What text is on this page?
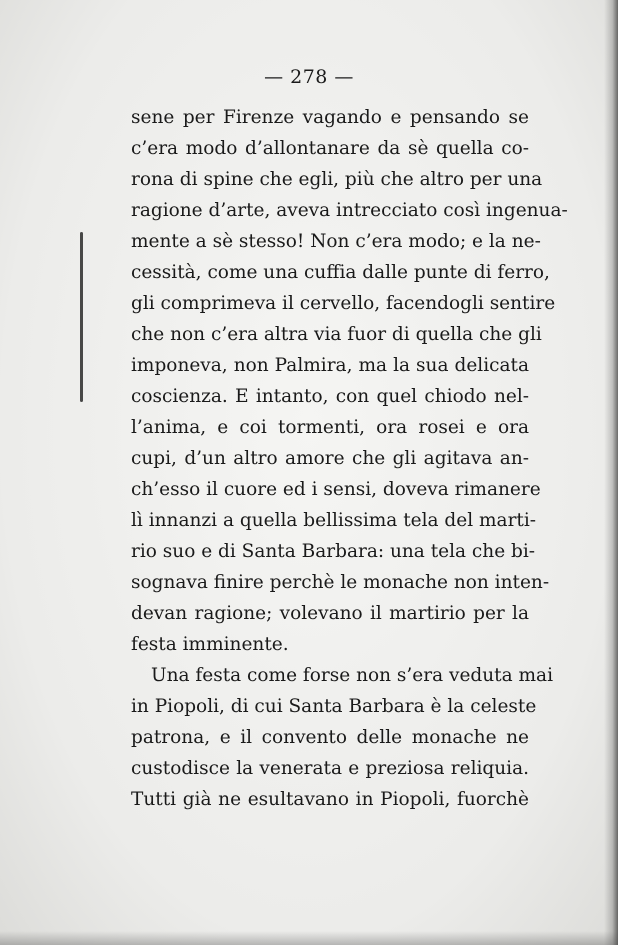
— 278 —
sene per Firenze vagando e pensando se
c’era modo d’allontanare da sè quella co-
rona di spine che egli, più che altro per una
ragione d’arte, aveva intrecciato così ingenua-
mente a sè stesso! Non c’era modo; e la ne-
cessità, come una cuffia dalle punte di ferro,
gli comprimeva il cervello, facendogli sentire
che non c’era altra via fuor di quella che gli
imponeva, non Palmira, ma la sua delicata
coscienza. E intanto, con quel chiodo nel-
l’anima, e coi tormenti, ora rosei e ora
cupi, d’un altro amore che gli agitava an-
ch’esso il cuore ed i sensi, doveva rimanere
lì innanzi a quella bellissima tela del marti-
rio suo e di Santa Barbara: una tela che bi-
sognava finire perchè le monache non inten-
devan ragione; volevano il martirio per la
festa imminente.
Una festa come forse non s’era veduta mai
in Piopoli, di cui Santa Barbara è la celeste
patrona, e il convento delle monache ne
custodisce la venerata e preziosa reliquia.
Tutti già ne esultavano in Piopoli, fuorchè
